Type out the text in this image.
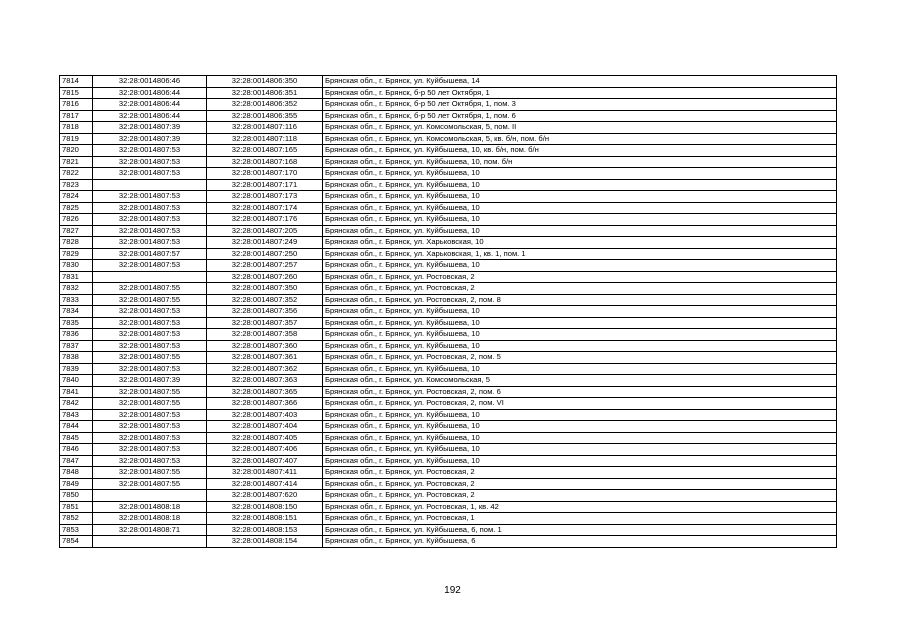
7814	32:28:0014806:46	32:28:0014806:350	Брянская обл., г. Брянск, ул. Куйбышева, 14
7815	32:28:0014806:44	32:28:0014806:351	Брянская обл., г. Брянск, б-р 50 лет Октября, 1
7816	32:28:0014806:44	32:28:0014806:352	Брянская обл., г. Брянск, б-р 50 лет Октября, 1, пом. 3
7817	32:28:0014806:44	32:28:0014806:355	Брянская обл., г. Брянск, б-р 50 лет Октября, 1, пом. 6
7818	32:28:0014807:39	32:28:0014807:116	Брянская обл., г. Брянск, ул. Комсомольская, 5, пом. II
7819	32:28:0014807:39	32:28:0014807:118	Брянская обл., г. Брянск, ул. Комсомольская, 5, кв. б/н, пом. б/н
7820	32:28:0014807:53	32:28:0014807:165	Брянская обл., г. Брянск, ул. Куйбышева, 10, кв. б/н, пом. б/н
7821	32:28:0014807:53	32:28:0014807:168	Брянская обл., г. Брянск, ул. Куйбышева, 10, пом. б/н
7822	32:28:0014807:53	32:28:0014807:170	Брянская обл., г. Брянск, ул. Куйбышева, 10
7823		32:28:0014807:171	Брянская обл., г. Брянск, ул. Куйбышева, 10
7824	32:28:0014807:53	32:28:0014807:173	Брянская обл., г. Брянск, ул. Куйбышева, 10
7825	32:28:0014807:53	32:28:0014807:174	Брянская обл., г. Брянск, ул. Куйбышева, 10
7826	32:28:0014807:53	32:28:0014807:176	Брянская обл., г. Брянск, ул. Куйбышева, 10
7827	32:28:0014807:53	32:28:0014807:205	Брянская обл., г. Брянск, ул. Куйбышева, 10
7828	32:28:0014807:53	32:28:0014807:249	Брянская обл., г. Брянск, ул. Харьковская, 10
7829	32:28:0014807:57	32:28:0014807:250	Брянская обл., г. Брянск, ул. Харьковская, 1, кв. 1, пом. 1
7830	32:28:0014807:53	32:28:0014807:257	Брянская обл., г. Брянск, ул. Куйбышева, 10
7831		32:28:0014807:260	Брянская обл., г. Брянск, ул. Ростовская, 2
7832	32:28:0014807:55	32:28:0014807:350	Брянская обл., г. Брянск, ул. Ростовская, 2
7833	32:28:0014807:55	32:28:0014807:352	Брянская обл., г. Брянск, ул. Ростовская, 2, пом. 8
7834	32:28:0014807:53	32:28:0014807:356	Брянская обл., г. Брянск, ул. Куйбышева, 10
7835	32:28:0014807:53	32:28:0014807:357	Брянская обл., г. Брянск, ул. Куйбышева, 10
7836	32:28:0014807:53	32:28:0014807:358	Брянская обл., г. Брянск, ул. Куйбышева, 10
7837	32:28:0014807:53	32:28:0014807:360	Брянская обл., г. Брянск, ул. Куйбышева, 10
7838	32:28:0014807:55	32:28:0014807:361	Брянская обл., г. Брянск, ул. Ростовская, 2, пом. 5
7839	32:28:0014807:53	32:28:0014807:362	Брянская обл., г. Брянск, ул. Куйбышева, 10
7840	32:28:0014807:39	32:28:0014807:363	Брянская обл., г. Брянск, ул. Комсомольская, 5
7841	32:28:0014807:55	32:28:0014807:365	Брянская обл., г. Брянск, ул. Ростовская, 2, пом. 6
7842	32:28:0014807:55	32:28:0014807:366	Брянская обл., г. Брянск, ул. Ростовская, 2, пом. VI
7843	32:28:0014807:53	32:28:0014807:403	Брянская обл., г. Брянск, ул. Куйбышева, 10
7844	32:28:0014807:53	32:28:0014807:404	Брянская обл., г. Брянск, ул. Куйбышева, 10
7845	32:28:0014807:53	32:28:0014807:405	Брянская обл., г. Брянск, ул. Куйбышева, 10
7846	32:28:0014807:53	32:28:0014807:406	Брянская обл., г. Брянск, ул. Куйбышева, 10
7847	32:28:0014807:53	32:28:0014807:407	Брянская обл., г. Брянск, ул. Куйбышева, 10
7848	32:28:0014807:55	32:28:0014807:411	Брянская обл., г. Брянск, ул. Ростовская, 2
7849	32:28:0014807:55	32:28:0014807:414	Брянская обл., г. Брянск, ул. Ростовская, 2
7850		32:28:0014807:620	Брянская обл., г. Брянск, ул. Ростовская, 2
7851	32:28:0014808:18	32:28:0014808:150	Брянская обл., г. Брянск, ул. Ростовская, 1, кв. 42
7852	32:28:0014808:18	32:28:0014808:151	Брянская обл., г. Брянск, ул. Ростовская, 1
7853	32:28:0014808:71	32:28:0014808:153	Брянская обл., г. Брянск, ул. Куйбышева, 6, пом. 1
7854		32:28:0014808:154	Брянская обл., г. Брянск, ул. Куйбышева, 6
192
